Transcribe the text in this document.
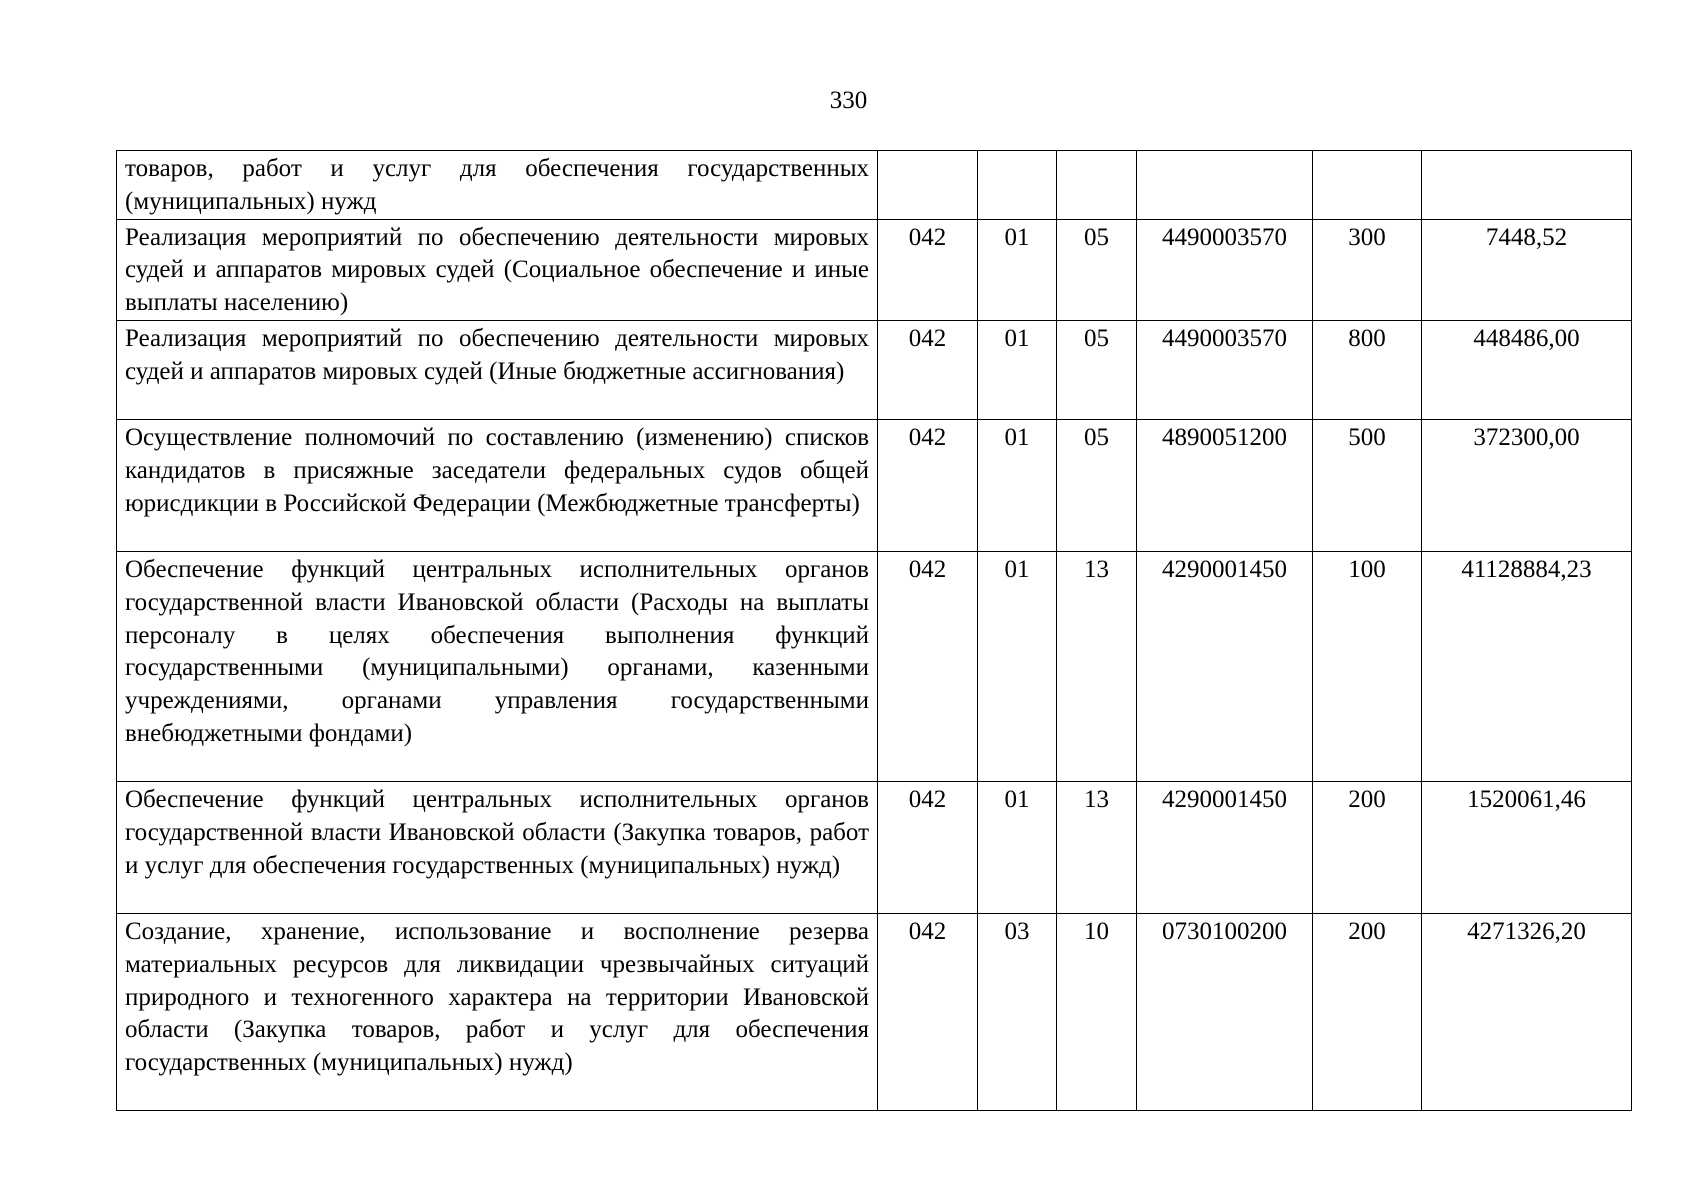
330
товаров, работ и услуг для обеспечения государственных (муниципальных) нужд						
Реализация мероприятий по обеспечению деятельности мировых судей и аппаратов мировых судей (Социальное обеспечение и иные выплаты населению)	042	01	05	4490003570	300	7448,52
Реализация мероприятий по обеспечению деятельности мировых судей и аппаратов мировых судей (Иные бюджетные ассигнования)	042	01	05	4490003570	800	448486,00
Осуществление полномочий по составлению (изменению) списков кандидатов в присяжные заседатели федеральных судов общей юрисдикции в Российской Федерации (Межбюджетные трансферты)	042	01	05	4890051200	500	372300,00
Обеспечение функций центральных исполнительных органов государственной власти Ивановской области (Расходы на выплаты персоналу в целях обеспечения выполнения функций государственными (муниципальными) органами, казенными учреждениями, органами управления государственными внебюджетными фондами)	042	01	13	4290001450	100	41128884,23
Обеспечение функций центральных исполнительных органов государственной власти Ивановской области (Закупка товаров, работ и услуг для обеспечения государственных (муниципальных) нужд)	042	01	13	4290001450	200	1520061,46
Создание, хранение, использование и восполнение резерва материальных ресурсов для ликвидации чрезвычайных ситуаций природного и техногенного характера на территории Ивановской области (Закупка товаров, работ и услуг для обеспечения государственных (муниципальных) нужд)	042	03	10	0730100200	200	4271326,20
